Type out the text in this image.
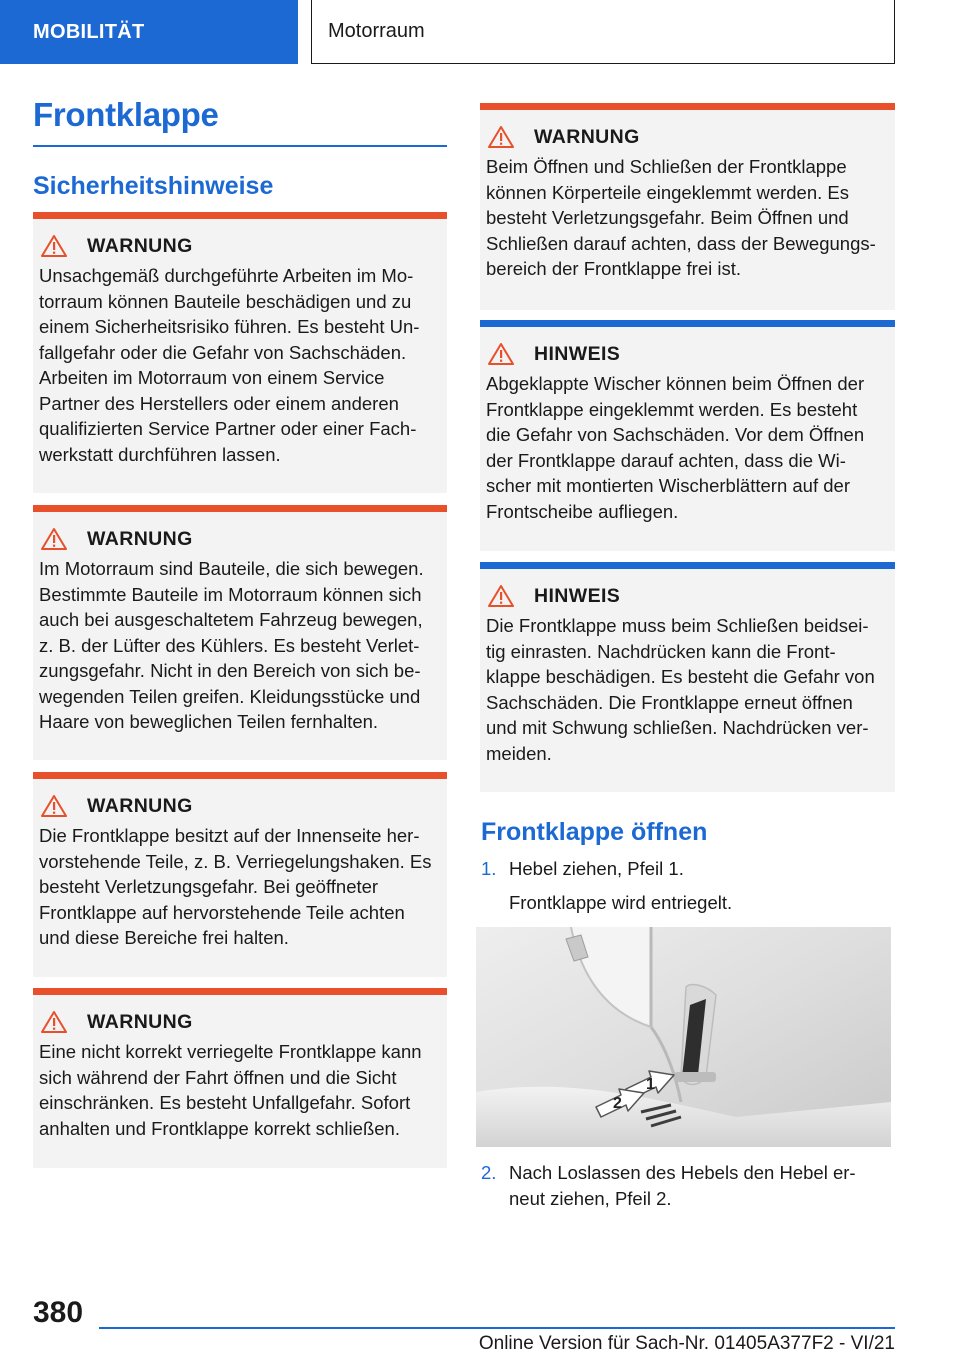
MOBILITÄT	Motorraum
Frontklappe
Sicherheitshinweise
WARNUNG

Unsachgemäß durchgeführte Arbeiten im Mo-torraum können Bauteile beschädigen und zu einem Sicherheitsrisiko führen. Es besteht Un-fallgefahr oder die Gefahr von Sachschäden. Arbeiten im Motorraum von einem Service Partner des Herstellers oder einem anderen qualifizierten Service Partner oder einer Fach-werkstatt durchführen lassen.

WARNUNG

Im Motorraum sind Bauteile, die sich bewegen. Bestimmte Bauteile im Motorraum können sich auch bei ausgeschaltetem Fahrzeug bewegen, z. B. der Lüfter des Kühlers. Es besteht Verlet-zungsgefahr. Nicht in den Bereich von sich be-wegenden Teilen greifen. Kleidungsstücke und Haare von beweglichen Teilen fernhalten.

WARNUNG

Die Frontklappe besitzt auf der Innenseite her-vorstehende Teile, z. B. Verriegelungshaken. Es besteht Verletzungsgefahr. Bei geöffneter Frontklappe auf hervorstehende Teile achten und diese Bereiche frei halten.

WARNUNG

Eine nicht korrekt verriegelte Frontklappe kann sich während der Fahrt öffnen und die Sicht einschränken. Es besteht Unfallgefahr. Sofort anhalten und Frontklappe korrekt schließen.

WARNUNG

Beim Öffnen und Schließen der Frontklappe können Körperteile eingeklemmt werden. Es besteht Verletzungsgefahr. Beim Öffnen und Schließen darauf achten, dass der Bewegungs-bereich der Frontklappe frei ist.

HINWEIS

Abgeklappte Wischer können beim Öffnen der Frontklappe eingeklemmt werden. Es besteht die Gefahr von Sachschäden. Vor dem Öffnen der Frontklappe darauf achten, dass die Wi-scher mit montierten Wischerblättern auf der Frontscheibe aufliegen.

HINWEIS

Die Frontklappe muss beim Schließen beidsei-tig einrasten. Nachdrücken kann die Front-klappe beschädigen. Es besteht die Gefahr von Sachschäden. Die Frontklappe erneut öffnen und mit Schwung schließen. Nachdrücken ver-meiden.

Frontklappe öffnen
1. Hebel ziehen, Pfeil 1.
Frontklappe wird entriegelt.
1
2
2. Nach Loslassen des Hebels den Hebel er-neut ziehen, Pfeil 2.
380
Online Version für Sach-Nr. 01405A377F2 - VI/21
